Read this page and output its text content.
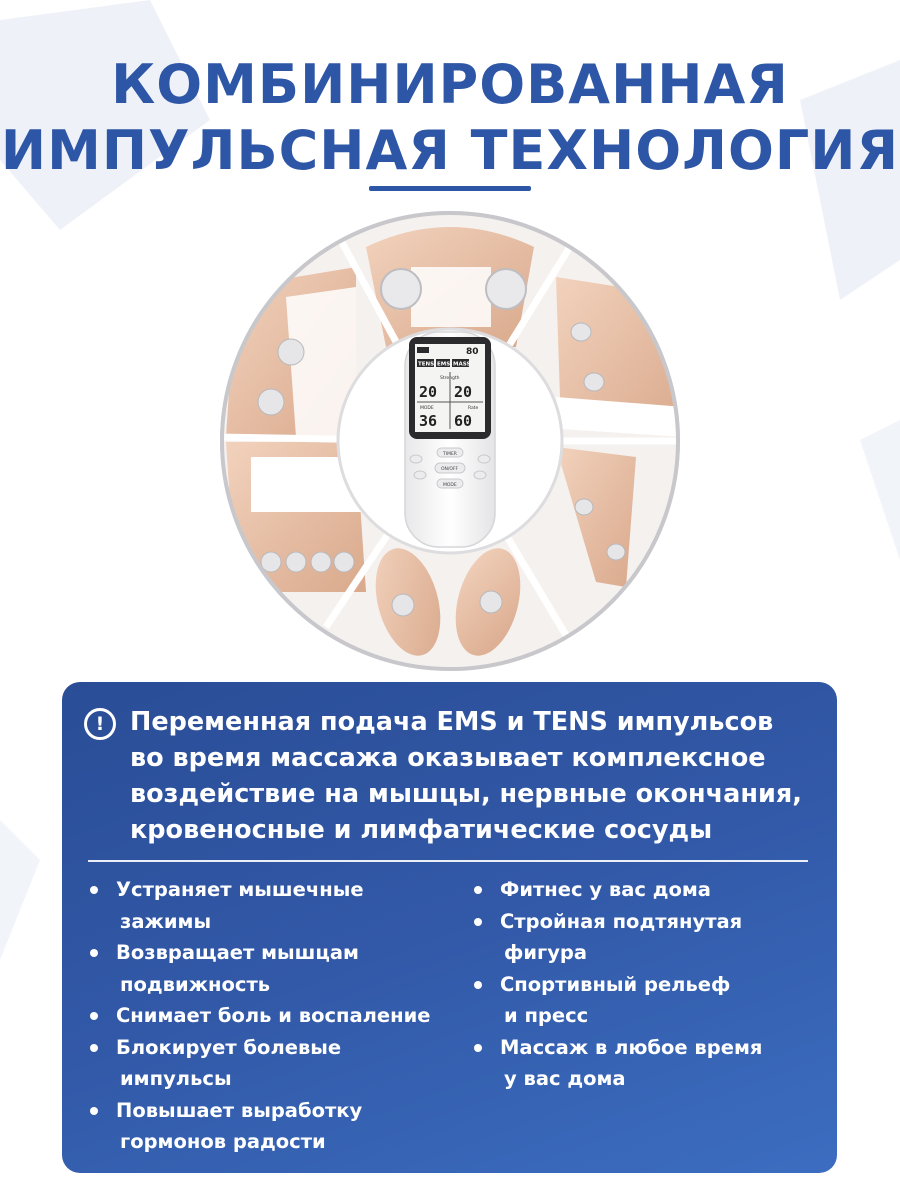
КОМБИНИРОВАННАЯ
ИМПУЛЬСНАЯ ТЕХНОЛОГИЯ
80
TENS EMS MASS
Strength
20 20
MODE	Rate
36 60
TIMER
ON/OFF
MODE
!	Переменная подача EMS и TENS импульсов
во время массажа оказывает комплексное
воздействие на мышцы, нервные окончания,
кровеносные и лимфатические сосуды
Устраняет мышечные
зажимы
Возвращает мышцам
подвижность
Снимает боль и воспаление
Блокирует болевые
импульсы
Повышает выработку
гормонов радости
Фитнес у вас дома
Стройная подтянутая
фигура
Спортивный рельеф
и пресс
Массаж в любое время
у вас дома
